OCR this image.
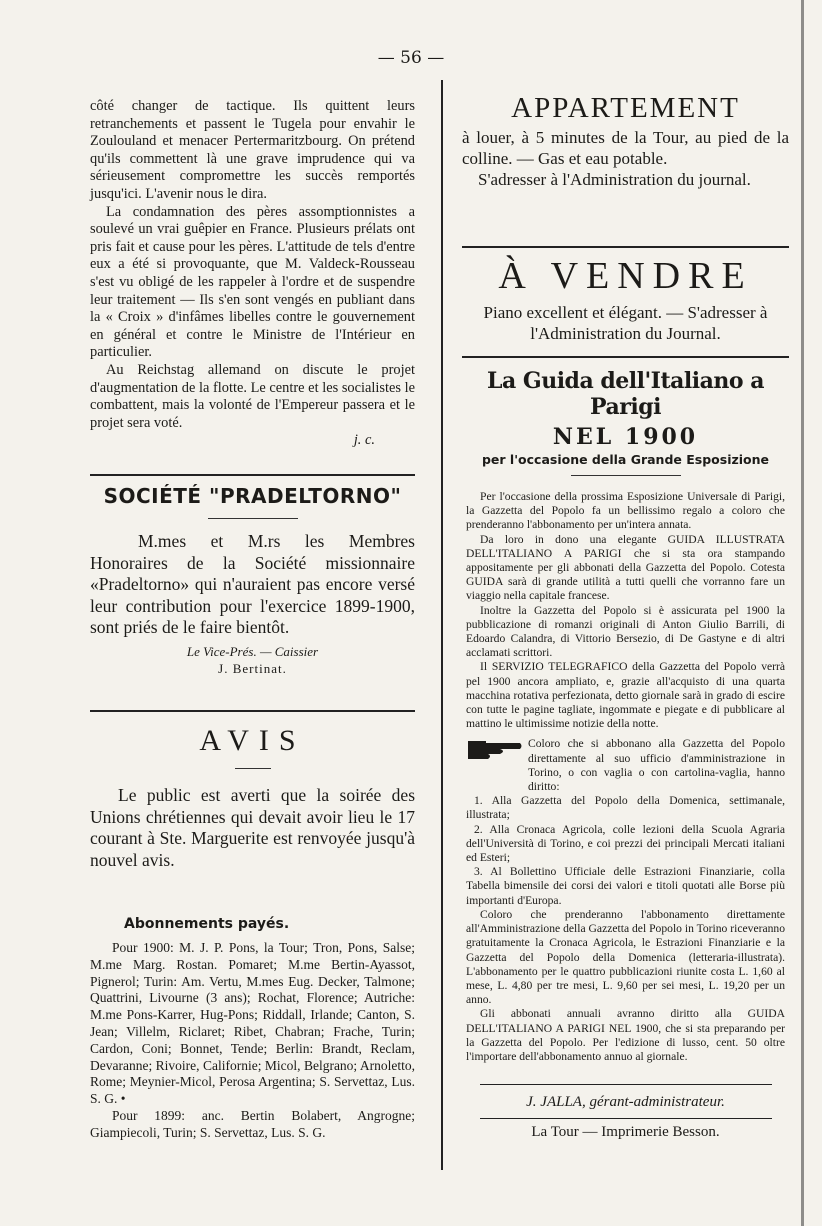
— 56 —

côté changer de tactique. Ils quittent leurs retranchements et passent le Tugela pour envahir le Zoulouland et menacer Pertermaritzbourg. On prétend qu'ils commettent là une grave imprudence qui va sérieusement compromettre les succès remportés jusqu'ici. L'avenir nous le dira.

La condamnation des pères assomptionnistes a soulevé un vrai guêpier en France. Plusieurs prélats ont pris fait et cause pour les pères. L'attitude de tels d'entre eux a été si provoquante, que M. Valdeck-Rousseau s'est vu obligé de les rappeler à l'ordre et de suspendre leur traitement — Ils s'en sont vengés en publiant dans la « Croix » d'infâmes libelles contre le gouvernement en général et contre le Ministre de l'Intérieur en particulier.

Au Reichstag allemand on discute le projet d'augmentation de la flotte. Le centre et les socialistes le combattent, mais la volonté de l'Empereur passera et le projet sera voté.

j. c.

SOCIÉTÉ "PRADELTORNO"

M.mes et M.rs les Membres Honoraires de la Société missionnaire «Pradeltorno» qui n'auraient pas encore versé leur contribution pour l'exercice 1899-1900, sont priés de le faire bientôt.

Le Vice-Prés. — Caissier

J. Bertinat.

AVIS

Le public est averti que la soirée des Unions chrétiennes qui devait avoir lieu le 17 courant à Ste. Marguerite est renvoyée jusqu'à nouvel avis.

Abonnements payés.

Pour 1900: M. J. P. Pons, la Tour; Tron, Pons, Salse; M.me Marg. Rostan. Pomaret; M.me Bertin-Ayassot, Pignerol; Turin: Am. Vertu, M.mes Eug. Decker, Talmone; Quattrini, Livourne (3 ans); Rochat, Florence; Autriche: M.me Pons-Karrer, Hug-Pons; Riddall, Irlande; Canton, S. Jean; Villelm, Riclaret; Ribet, Chabran; Frache, Turin; Cardon, Coni; Bonnet, Tende; Berlin: Brandt, Reclam, Devaranne; Rivoire, Californie; Micol, Belgrano; Arnoletto, Rome; Meynier-Micol, Perosa Argentina; S. Servettaz, Lus. S. G. •

Pour 1899: anc. Bertin Bolabert, Angrogne; Giampiecoli, Turin; S. Servettaz, Lus. S. G.

APPARTEMENT

à louer, à 5 minutes de la Tour, au pied de la colline. — Gas et eau potable.

S'adresser à l'Administration du journal.

À VENDRE

Piano excellent et élégant. — S'adresser à l'Administration du Journal.

La Guida dell'Italiano a Parigi
NEL 1900
per l'occasione della Grande Esposizione

Per l'occasione della prossima Esposizione Universale di Parigi, la Gazzetta del Popolo fa un bellissimo regalo a coloro che prenderanno l'abbonamento per un'intera annata.

Da loro in dono una elegante GUIDA ILLUSTRATA DELL'ITALIANO A PARIGI che si sta ora stampando appositamente per gli abbonati della Gazzetta del Popolo. Cotesta GUIDA sarà di grande utilità a tutti quelli che vorranno fare un viaggio nella capitale francese.

Inoltre la Gazzetta del Popolo si è assicurata pel 1900 la pubblicazione di romanzi originali di Anton Giulio Barrili, di Edoardo Calandra, di Vittorio Bersezio, di De Gastyne e di altri acclamati scrittori.

Il SERVIZIO TELEGRAFICO della Gazzetta del Popolo verrà pel 1900 ancora ampliato, e, grazie all'acquisto di una quarta macchina rotativa perfezionata, detto giornale sarà in grado di escire con tutte le pagine tagliate, ingommate e piegate e di pubblicare al mattino le ultimissime notizie della notte.

Coloro che si abbonano alla Gazzetta del Popolo direttamente al suo ufficio d'amministrazione in Torino, o con vaglia o con cartolina-vaglia, hanno diritto:

1. Alla Gazzetta del Popolo della Domenica, settimanale, illustrata;

2. Alla Cronaca Agricola, colle lezioni della Scuola Agraria dell'Università di Torino, e coi prezzi dei principali Mercati italiani ed Esteri;

3. Al Bollettino Ufficiale delle Estrazioni Finanziarie, colla Tabella bimensile dei corsi dei valori e titoli quotati alle Borse più importanti d'Europa.

Coloro che prenderanno l'abbonamento direttamente all'Amministrazione della Gazzetta del Popolo in Torino riceveranno gratuitamente la Cronaca Agricola, le Estrazioni Finanziarie e la Gazzetta del Popolo della Domenica (letteraria-illustrata). L'abbonamento per le quattro pubblicazioni riunite costa L. 1,60 al mese, L. 4,80 per tre mesi, L. 9,60 per sei mesi, L. 19,20 per un anno.

Gli abbonati annuali avranno diritto alla GUIDA DELL'ITALIANO A PARIGI NEL 1900, che si sta preparando per la Gazzetta del Popolo. Per l'edizione di lusso, cent. 50 oltre l'importare dell'abbonamento annuo al giornale.

J. JALLA, gérant-administrateur.

La Tour — Imprimerie Besson.
